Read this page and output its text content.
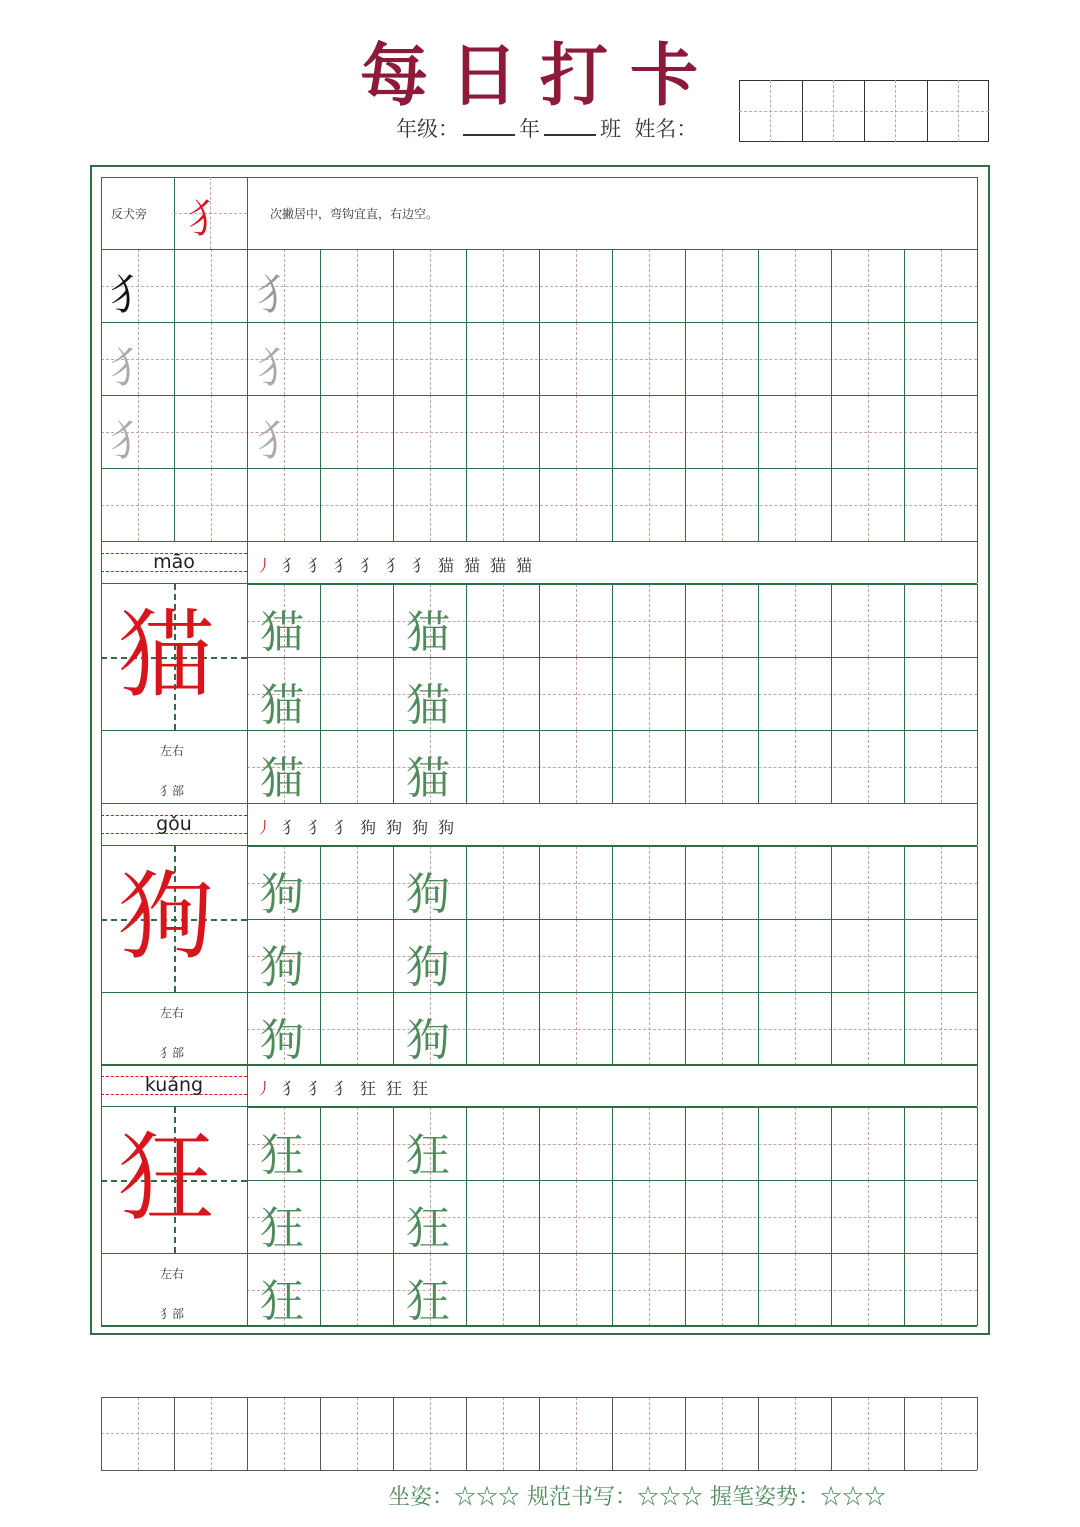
每日打卡
年级：	年	班 姓名：
反犬旁 犭	次撇居中，弯钩宜直，右边空。
犭 犭
犭 犭
犭 犭
māo	丿 犭 犭 犭 犭 犭 犭 猫 猫 猫 猫
猫
左右
犭部
猫 猫
猫 猫
猫 猫
gǒu	丿 犭 犭 犭 狗 狗 狗 狗
狗
左右
犭部
狗 狗
狗 狗
狗 狗
kuáng	丿 犭 犭 犭 狂 狂 狂
狂
左右
犭部
狂 狂
狂 狂
狂 狂
坐姿：☆☆☆ 规范书写：☆☆☆ 握笔姿势：☆☆☆
